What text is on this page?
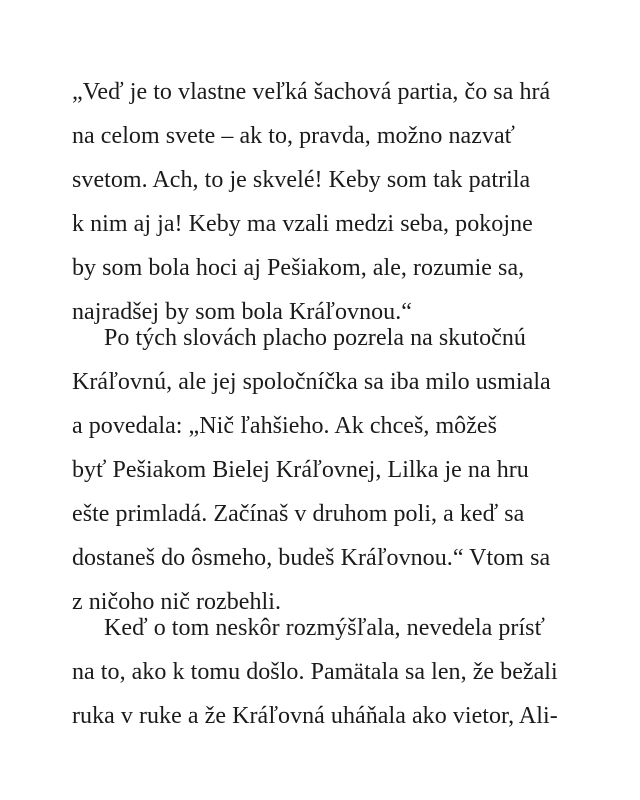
„Veď je to vlastne veľká šachová partia, čo sa hrá
na celom svete – ak to, pravda, možno nazvať
svetom. Ach, to je skvelé! Keby som tak patrila
k nim aj ja! Keby ma vzali medzi seba, pokojne
by som bola hoci aj Pešiakom, ale, rozumie sa,
najradšej by som bola Kráľovnou.“
Po tých slovách placho pozrela na skutočnú
Kráľovnú, ale jej spoločníčka sa iba milo usmiala
a povedala: „Nič ľahšieho. Ak chceš, môžeš
byť Pešiakom Bielej Kráľovnej, Lilka je na hru
ešte primladá. Začínaš v druhom poli, a keď sa
dostaneš do ôsmeho, budeš Kráľovnou.“ Vtom sa
z ničoho nič rozbehli.
Keď o tom neskôr rozmýšľala, nevedela prísť
na to, ako k tomu došlo. Pamätala sa len, že bežali
ruka v ruke a že Kráľovná uháňala ako vietor, Ali-
